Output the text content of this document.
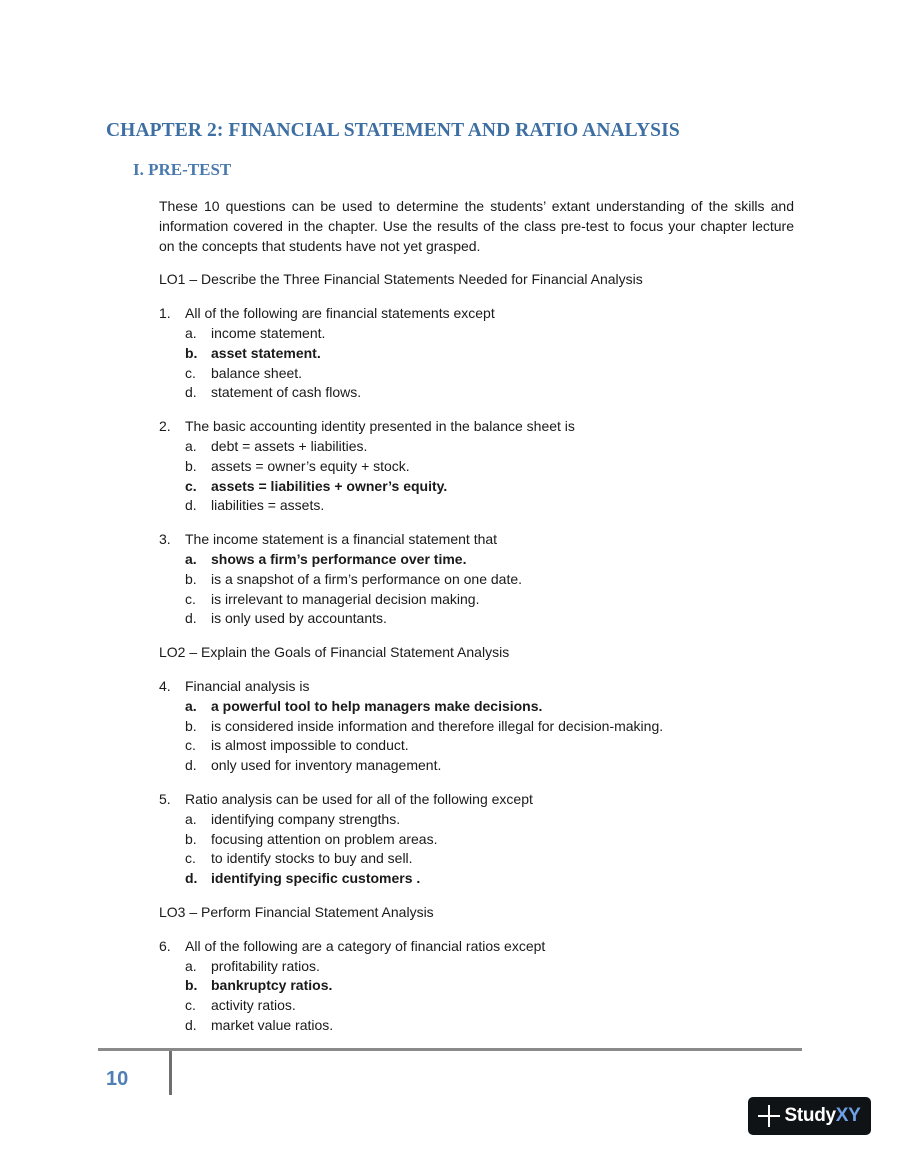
CHAPTER 2: FINANCIAL STATEMENT AND RATIO ANALYSIS
I. PRE-TEST

These 10 questions can be used to determine the students’ extant understanding of the skills and information covered in the chapter. Use the results of the class pre-test to focus your chapter lecture on the concepts that students have not yet grasped.

LO1 – Describe the Three Financial Statements Needed for Financial Analysis

1.	All of the following are financial statements except
a.	income statement.
b. asset statement.
c.	balance sheet.
d.	statement of cash flows.
2.	The basic accounting identity presented in the balance sheet is
a.	debt = assets + liabilities.
b.	assets = owner’s equity + stock.
c.	assets = liabilities + owner’s equity.
d.	liabilities = assets.
3.	The income statement is a financial statement that
a.	shows a firm’s performance over time.
b.	is a snapshot of a firm’s performance on one date.
c.	is irrelevant to managerial decision making.
d.	is only used by accountants.

LO2 – Explain the Goals of Financial Statement Analysis

4.	Financial analysis is
a.	a powerful tool to help managers make decisions.
b.	is considered inside information and therefore illegal for decision-making.
c.	is almost impossible to conduct.
d.	only used for inventory management.
5.	Ratio analysis can be used for all of the following except
a.	identifying company strengths.
b.	focusing attention on problem areas.
c.	to identify stocks to buy and sell.
d. identifying specific customers .

LO3 – Perform Financial Statement Analysis

6.	All of the following are a category of financial ratios except
a.	profitability ratios.
b. bankruptcy ratios.
c.	activity ratios.
d.	market value ratios.
10
StudyXY
